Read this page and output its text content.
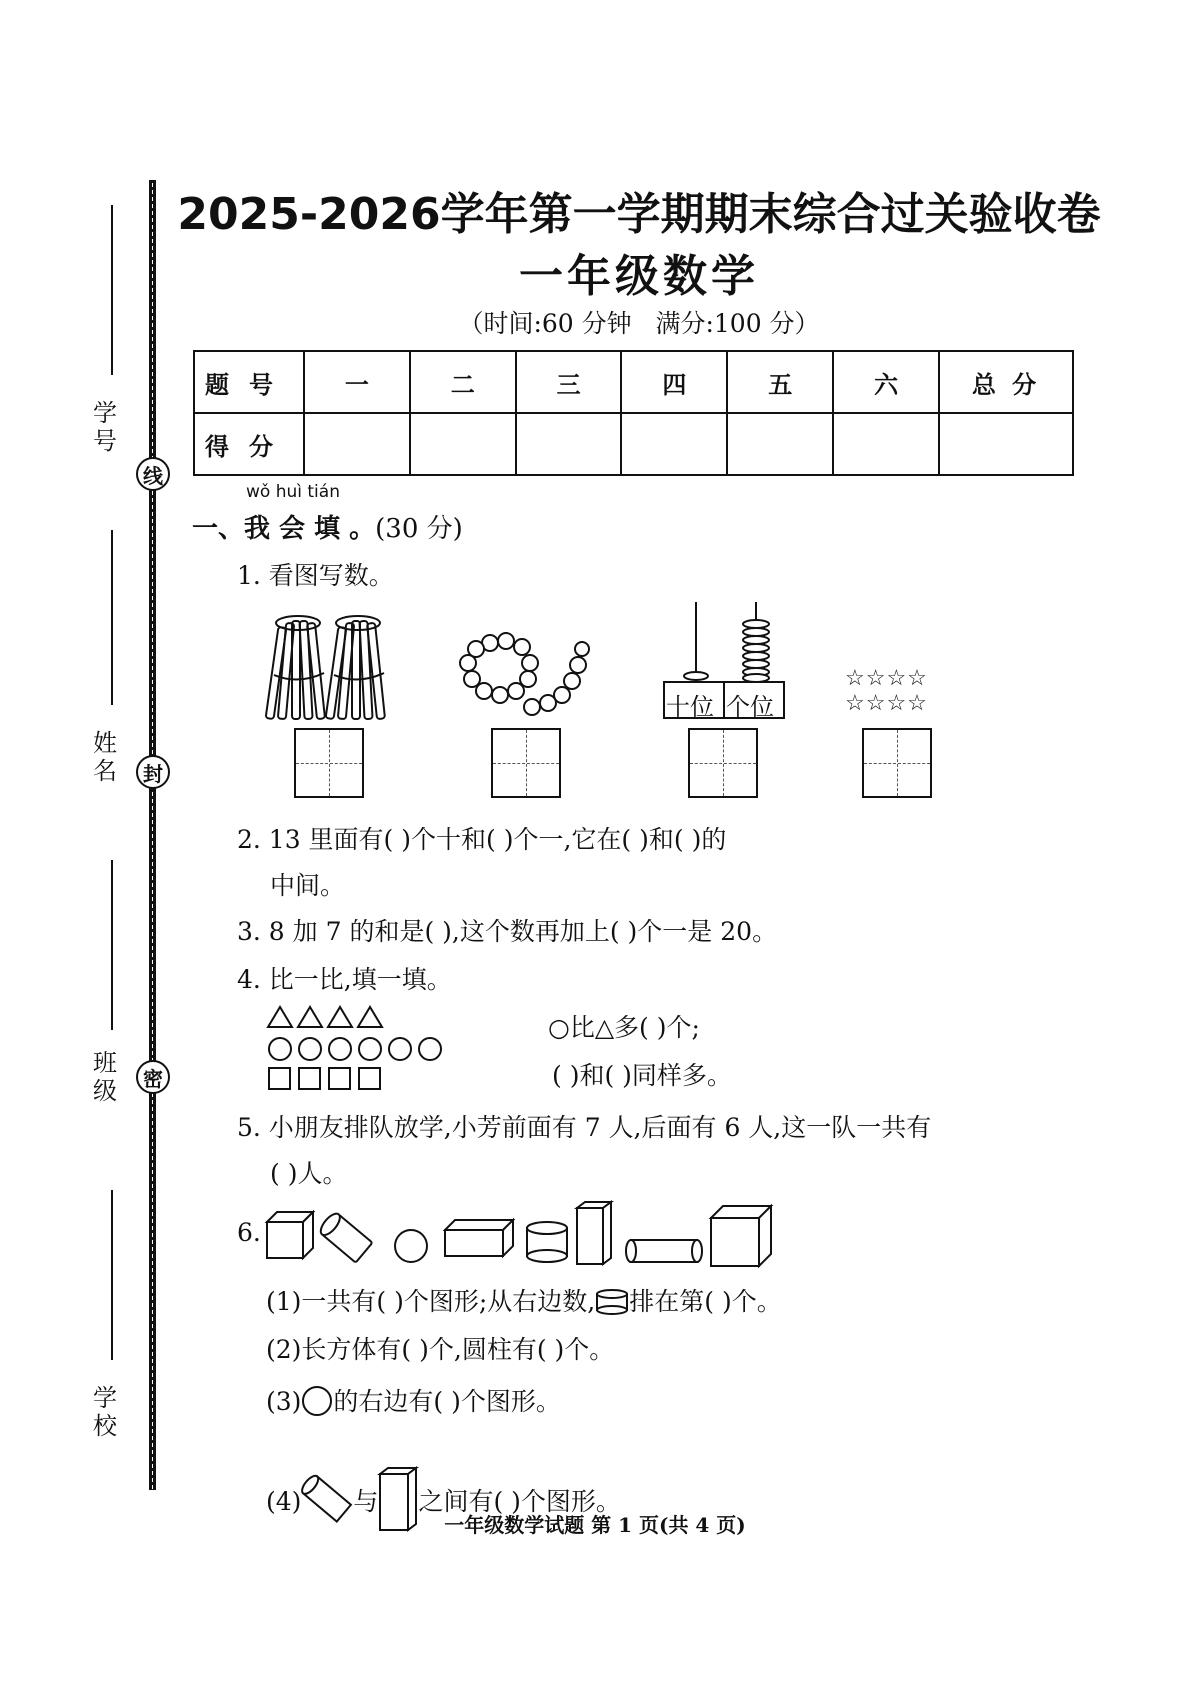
学
号

姓
名

班
级

学
校

线
封
密
2025-2026学年第一学期期末综合过关验收卷
一年级数学
（时间:60 分钟   满分:100 分）
题号	一	二	三	四	五	六	总 分
得分							
wǒ huì tián
一、我 会 填 。(30 分)
1. 看图写数。
十位 个位
☆☆☆☆
☆☆☆☆
2. 13 里面有( )个十和( )个一,它在( )和( )的
中间。
3. 8 加 7 的和是( ),这个数再加上( )个一是 20。
4. 比一比,填一填。
○比△多( )个;
( )和( )同样多。
5. 小朋友排队放学,小芳前面有 7 人,后面有 6 人,这一队一共有
( )人。
6.
(1)一共有( )个图形;从右边数, 排在第( )个。
(2)长方体有( )个,圆柱有( )个。
(3) 的右边有( )个图形。
(4) 与 之间有( )个图形。
一年级数学试题 第 1 页(共 4 页)
